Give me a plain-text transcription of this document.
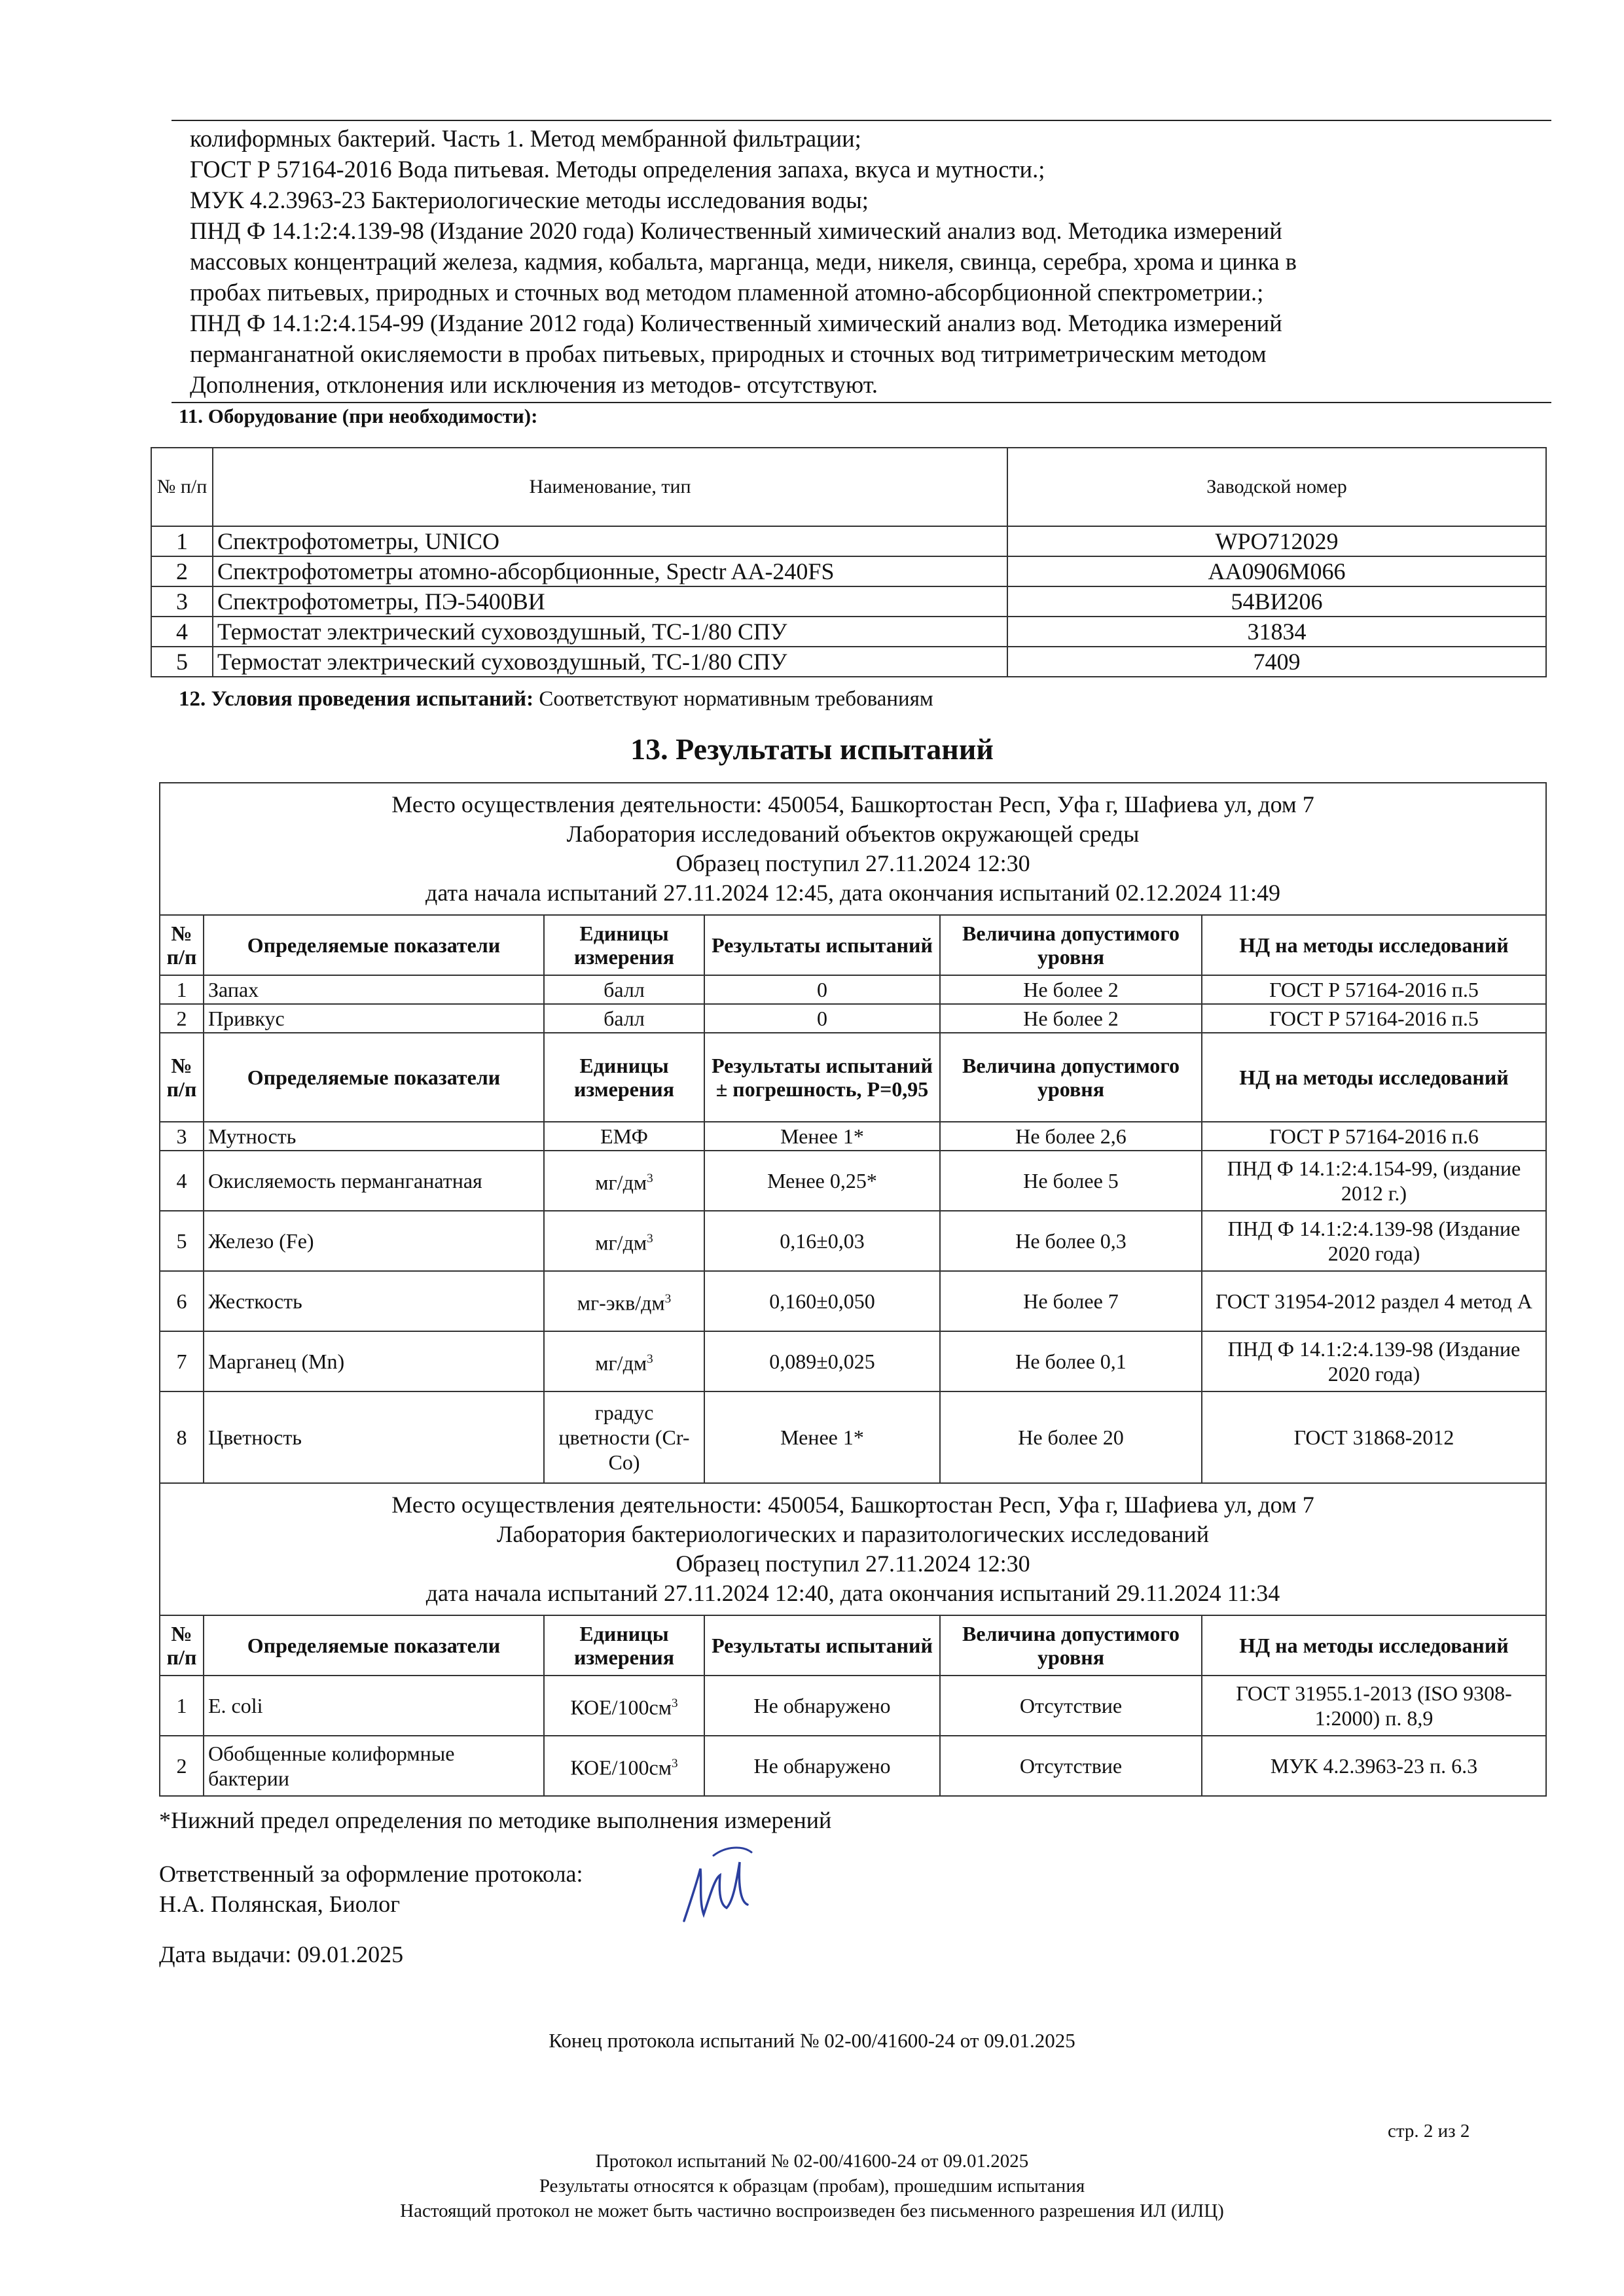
колиформных бактерий. Часть 1. Метод мембранной фильтрации;
ГОСТ Р 57164-2016 Вода питьевая. Методы определения запаха, вкуса и мутности.;
МУК 4.2.3963-23 Бактериологические методы исследования воды;
ПНД Ф 14.1:2:4.139-98 (Издание 2020 года) Количественный химический анализ вод. Методика измерений
массовых концентраций железа, кадмия, кобальта, марганца, меди, никеля, свинца, серебра, хрома и цинка в
пробах питьевых, природных и сточных вод методом пламенной атомно-абсорбционной спектрометрии.;
ПНД Ф 14.1:2:4.154-99 (Издание 2012 года) Количественный химический анализ вод. Методика измерений
перманганатной окисляемости в пробах питьевых, природных и сточных вод титриметрическим методом
Дополнения, отклонения или исключения из методов- отсутствуют.
11. Оборудование (при необходимости):
№ п/п	Наименование, тип	Заводской номер
1	Спектрофотометры, UNICO	WPO712029
2	Спектрофотометры атомно-абсорбционные, Spectr AA-240FS	AA0906M066
3	Спектрофотометры, ПЭ-5400ВИ	54ВИ206
4	Термостат электрический суховоздушный, ТС-1/80 СПУ	31834
5	Термостат электрический суховоздушный, ТС-1/80 СПУ	7409
12. Условия проведения испытаний: Соответствуют нормативным требованиям
13. Результаты испытаний
Место осуществления деятельности: 450054, Башкортостан Респ, Уфа г, Шафиева ул, дом 7
Лаборатория исследований объектов окружающей среды
Образец поступил 27.11.2024 12:30
дата начала испытаний 27.11.2024 12:45, дата окончания испытаний 02.12.2024 11:49					

№ п/п	Определяемые показатели	Единицы измерения	Результаты испытаний	Величина допустимого уровня	НД на методы исследований
1	Запах	балл	0	Не более 2	ГОСТ Р 57164-2016 п.5
2	Привкус	балл	0	Не более 2	ГОСТ Р 57164-2016 п.5
№ п/п	Определяемые показатели	Единицы измерения	Результаты испытаний ± погрешность, P=0,95	Величина допустимого уровня	НД на методы исследований
3	Мутность	ЕМФ	Менее 1*	Не более 2,6	ГОСТ Р 57164-2016 п.6
4	Окисляемость перманганатная	$мг/дм^3$	Менее 0,25*	Не более 5	ПНД Ф 14.1:2:4.154-99, (издание 2012 г.)
5	Железо (Fe)	$мг/дм^3$	0,16±0,03	Не более 0,3	ПНД Ф 14.1:2:4.139-98 (Издание 2020 года)
6	Жесткость	$мг-экв/дм^3$	0,160±0,050	Не более 7	ГОСТ 31954-2012 раздел 4 метод А
7	Марганец (Mn)	$мг/дм^3$	0,089±0,025	Не более 0,1	ПНД Ф 14.1:2:4.139-98 (Издание 2020 года)
8	Цветность	градус цветности (Cr-Co)	Менее 1*	Не более 20	ГОСТ 31868-2012

Место осуществления деятельности: 450054, Башкортостан Респ, Уфа г, Шафиева ул, дом 7
Лаборатория бактериологических и паразитологических исследований
Образец поступил 27.11.2024 12:30
дата начала испытаний 27.11.2024 12:40, дата окончания испытаний 29.11.2024 11:34					

№ п/п	Определяемые показатели	Единицы измерения	Результаты испытаний	Величина допустимого уровня	НД на методы исследований
1	E. coli	КОЕ/$100см^3$	Не обнаружено	Отсутствие	ГОСТ 31955.1-2013 (ISO 9308-1:2000) п. 8,9
2	Обобщенные колиформные бактерии	КОЕ/$100см^3$	Не обнаружено	Отсутствие	МУК 4.2.3963-23 п. 6.3
*Нижний предел определения по методике выполнения измерений
Ответственный за оформление протокола:
Н.А. Полянская, Биолог
Дата выдачи: 09.01.2025
Конец протокола испытаний № 02-00/41600-24 от 09.01.2025
стр. 2 из 2
Протокол испытаний № 02-00/41600-24 от 09.01.2025
Результаты относятся к образцам (пробам), прошедшим испытания
Настоящий протокол не может быть частично воспроизведен без письменного разрешения ИЛ (ИЛЦ)
